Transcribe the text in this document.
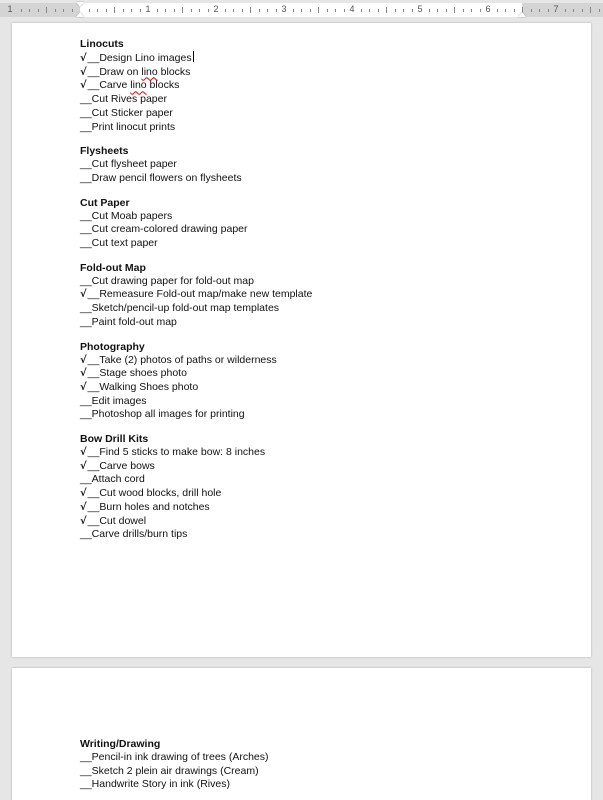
1	1	2	3	4	5	6	7
Linocuts
√__Design Lino images
√__Draw on lino blocks
√__Carve lino blocks
__Cut Rives paper
__Cut Sticker paper
__Print linocut prints
Flysheets
__Cut flysheet paper
__Draw pencil flowers on flysheets
Cut Paper
__Cut Moab papers
__Cut cream-colored drawing paper
__Cut text paper
Fold-out Map
__Cut drawing paper for fold-out map
√__Remeasure Fold-out map/make new template
__Sketch/pencil-up fold-out map templates
__Paint fold-out map
Photography
√__Take (2) photos of paths or wilderness
√__Stage shoes photo
√__Walking Shoes photo
__Edit images
__Photoshop all images for printing
Bow Drill Kits
√__Find 5 sticks to make bow: 8 inches
√__Carve bows
__Attach cord
√__Cut wood blocks, drill hole
√__Burn holes and notches
√__Cut dowel
__Carve drills/burn tips
Writing/Drawing
__Pencil-in ink drawing of trees (Arches)
__Sketch 2 plein air drawings (Cream)
__Handwrite Story in ink (Rives)
